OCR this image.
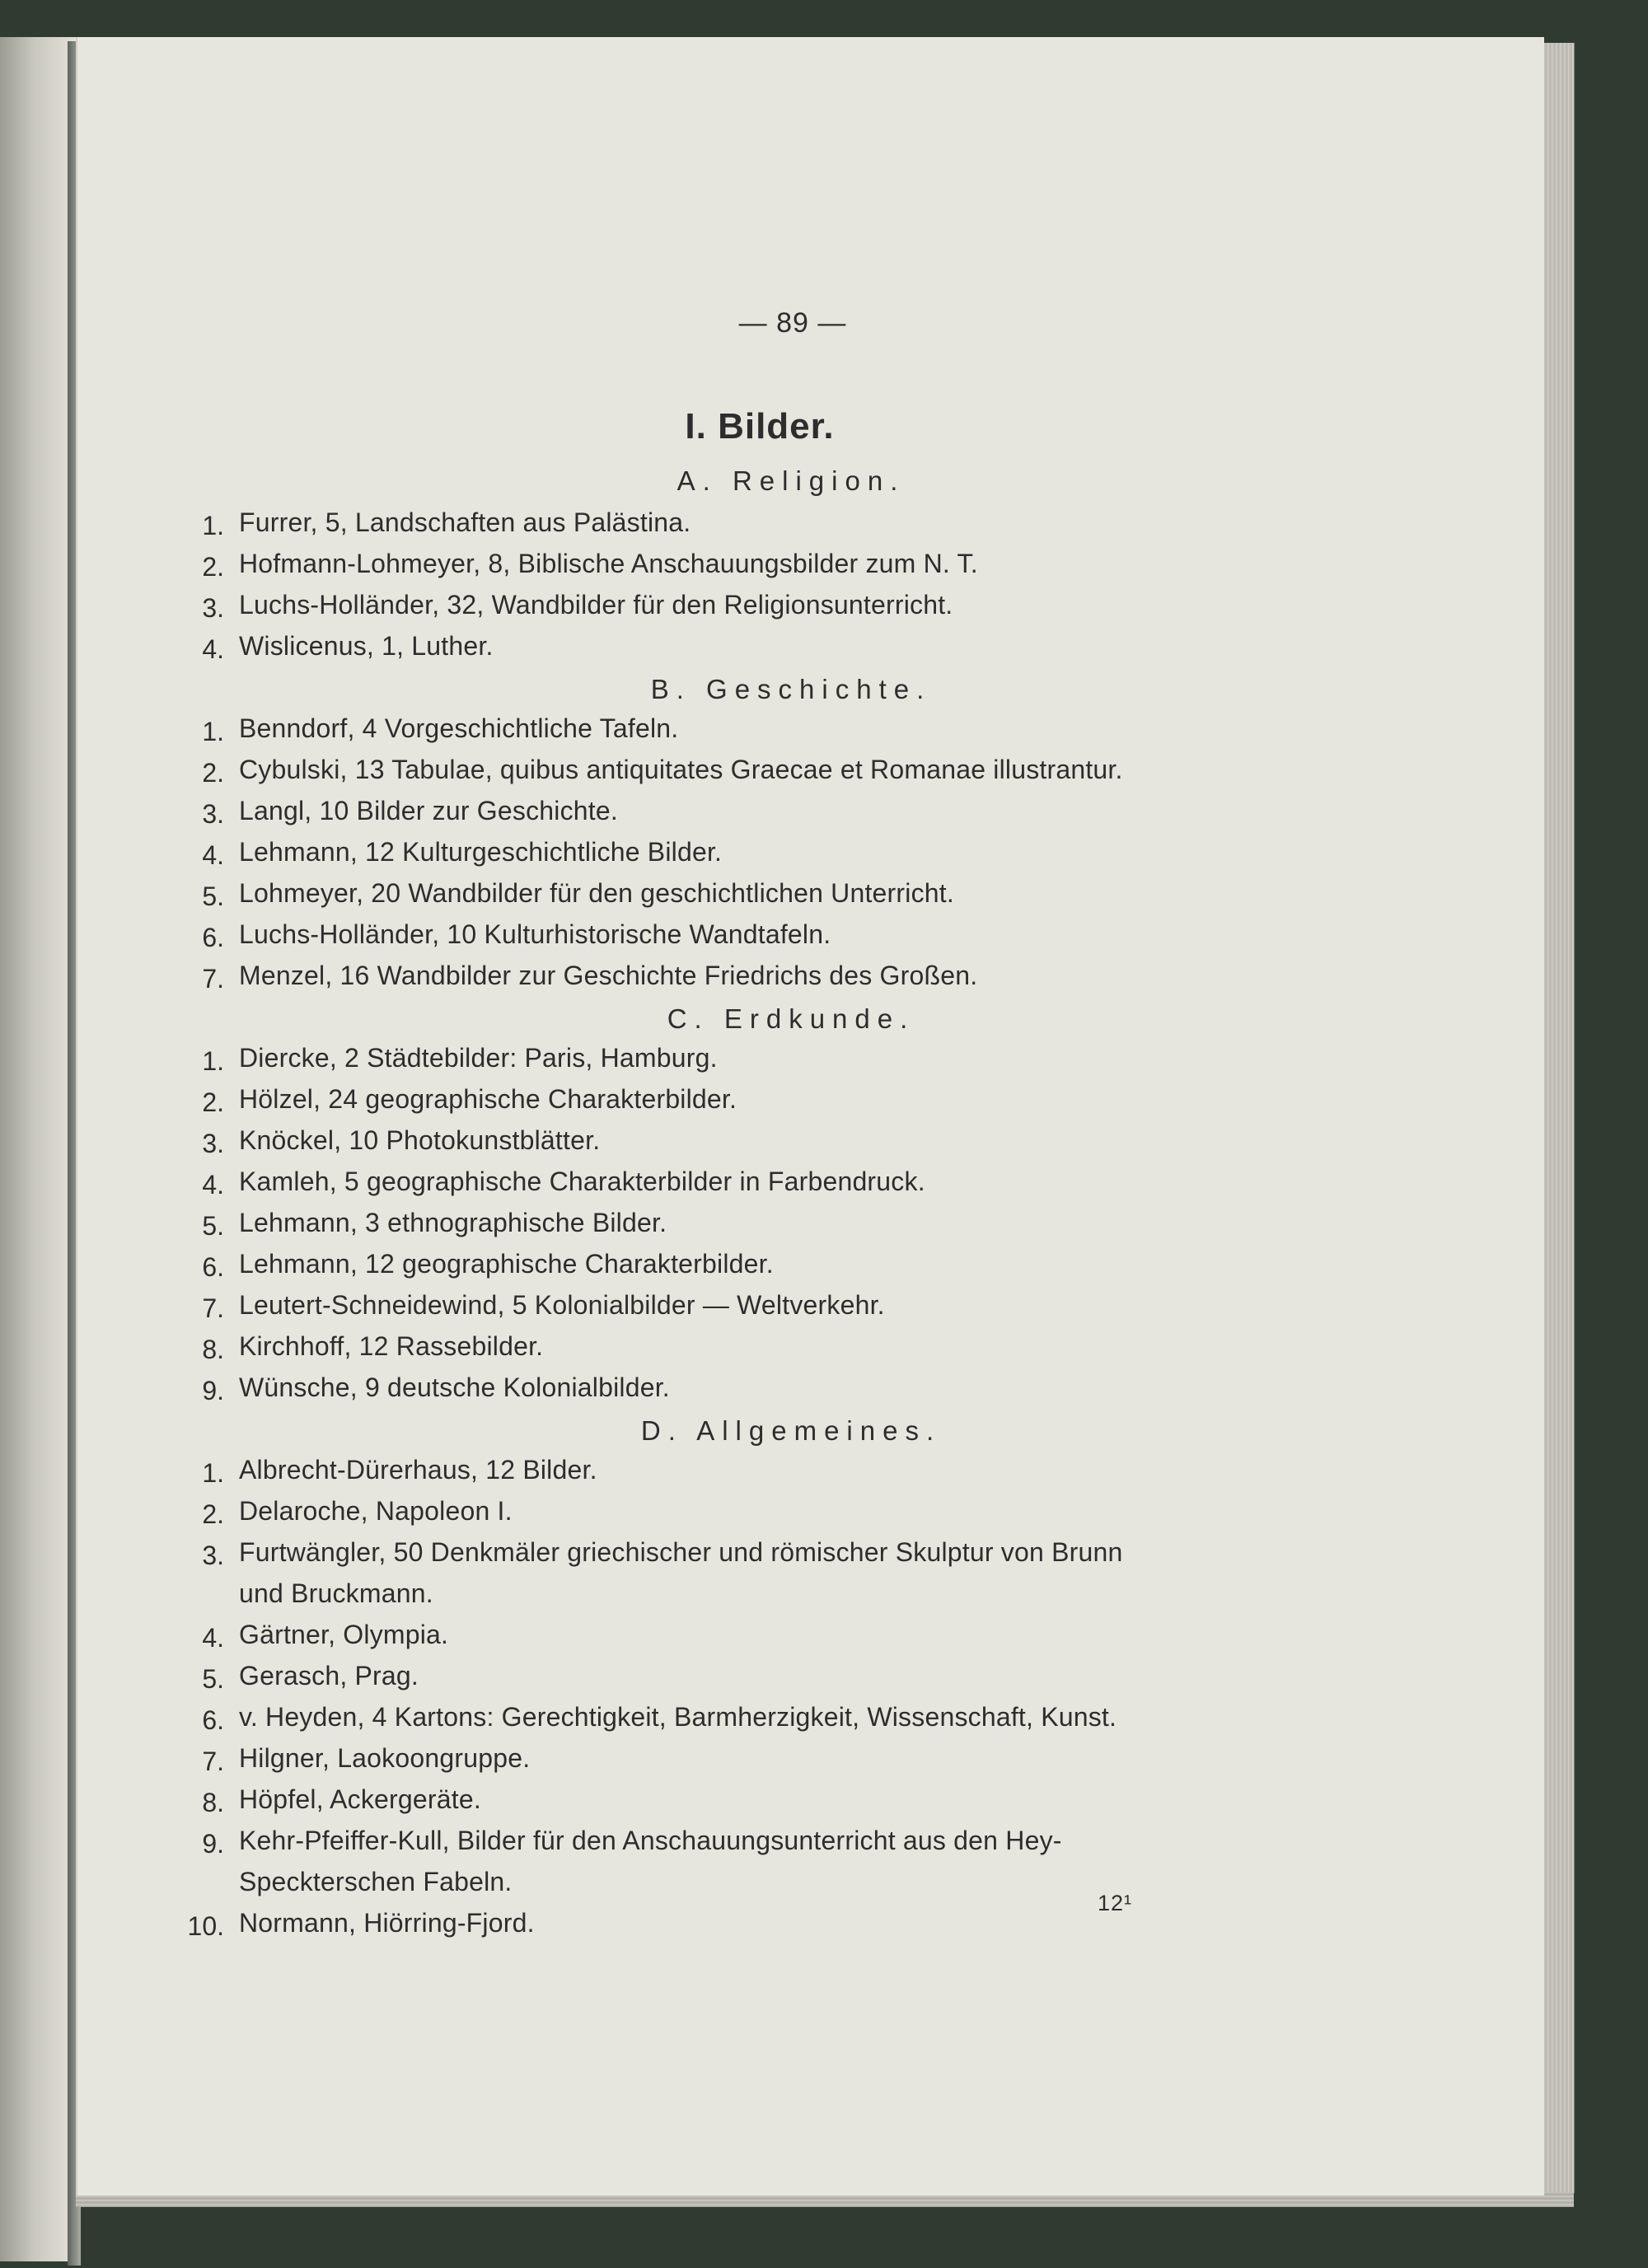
— 89 —
I. Bilder.
A. Religion.
1. Furrer, 5, Landschaften aus Palästina.
2. Hofmann-Lohmeyer, 8, Biblische Anschauungsbilder zum N. T.
3. Luchs-Holländer, 32, Wandbilder für den Religionsunterricht.
4. Wislicenus, 1, Luther.
B. Geschichte.
1. Benndorf, 4 Vorgeschichtliche Tafeln.
2. Cybulski, 13 Tabulae, quibus antiquitates Graecae et Romanae illustrantur.
3. Langl, 10 Bilder zur Geschichte.
4. Lehmann, 12 Kulturgeschichtliche Bilder.
5. Lohmeyer, 20 Wandbilder für den geschichtlichen Unterricht.
6. Luchs-Holländer, 10 Kulturhistorische Wandtafeln.
7. Menzel, 16 Wandbilder zur Geschichte Friedrichs des Großen.
C. Erdkunde.
1. Diercke, 2 Städtebilder: Paris, Hamburg.
2. Hölzel, 24 geographische Charakterbilder.
3. Knöckel, 10 Photokunstblätter.
4. Kamleh, 5 geographische Charakterbilder in Farbendruck.
5. Lehmann, 3 ethnographische Bilder.
6. Lehmann, 12 geographische Charakterbilder.
7. Leutert-Schneidewind, 5 Kolonialbilder — Weltverkehr.
8. Kirchhoff, 12 Rassebilder.
9. Wünsche, 9 deutsche Kolonialbilder.
D. Allgemeines.
1. Albrecht-Dürerhaus, 12 Bilder.
2. Delaroche, Napoleon I.
3. Furtwängler, 50 Denkmäler griechischer und römischer Skulptur von Brunn
und Bruckmann.
4. Gärtner, Olympia.
5. Gerasch, Prag.
6. v. Heyden, 4 Kartons: Gerechtigkeit, Barmherzigkeit, Wissenschaft, Kunst.
7. Hilgner, Laokoongruppe.
8. Höpfel, Ackergeräte.
9. Kehr-Pfeiffer-Kull, Bilder für den Anschauungsunterricht aus den Hey-
Speckterschen Fabeln.
10. Normann, Hiörring-Fjord.
12¹
